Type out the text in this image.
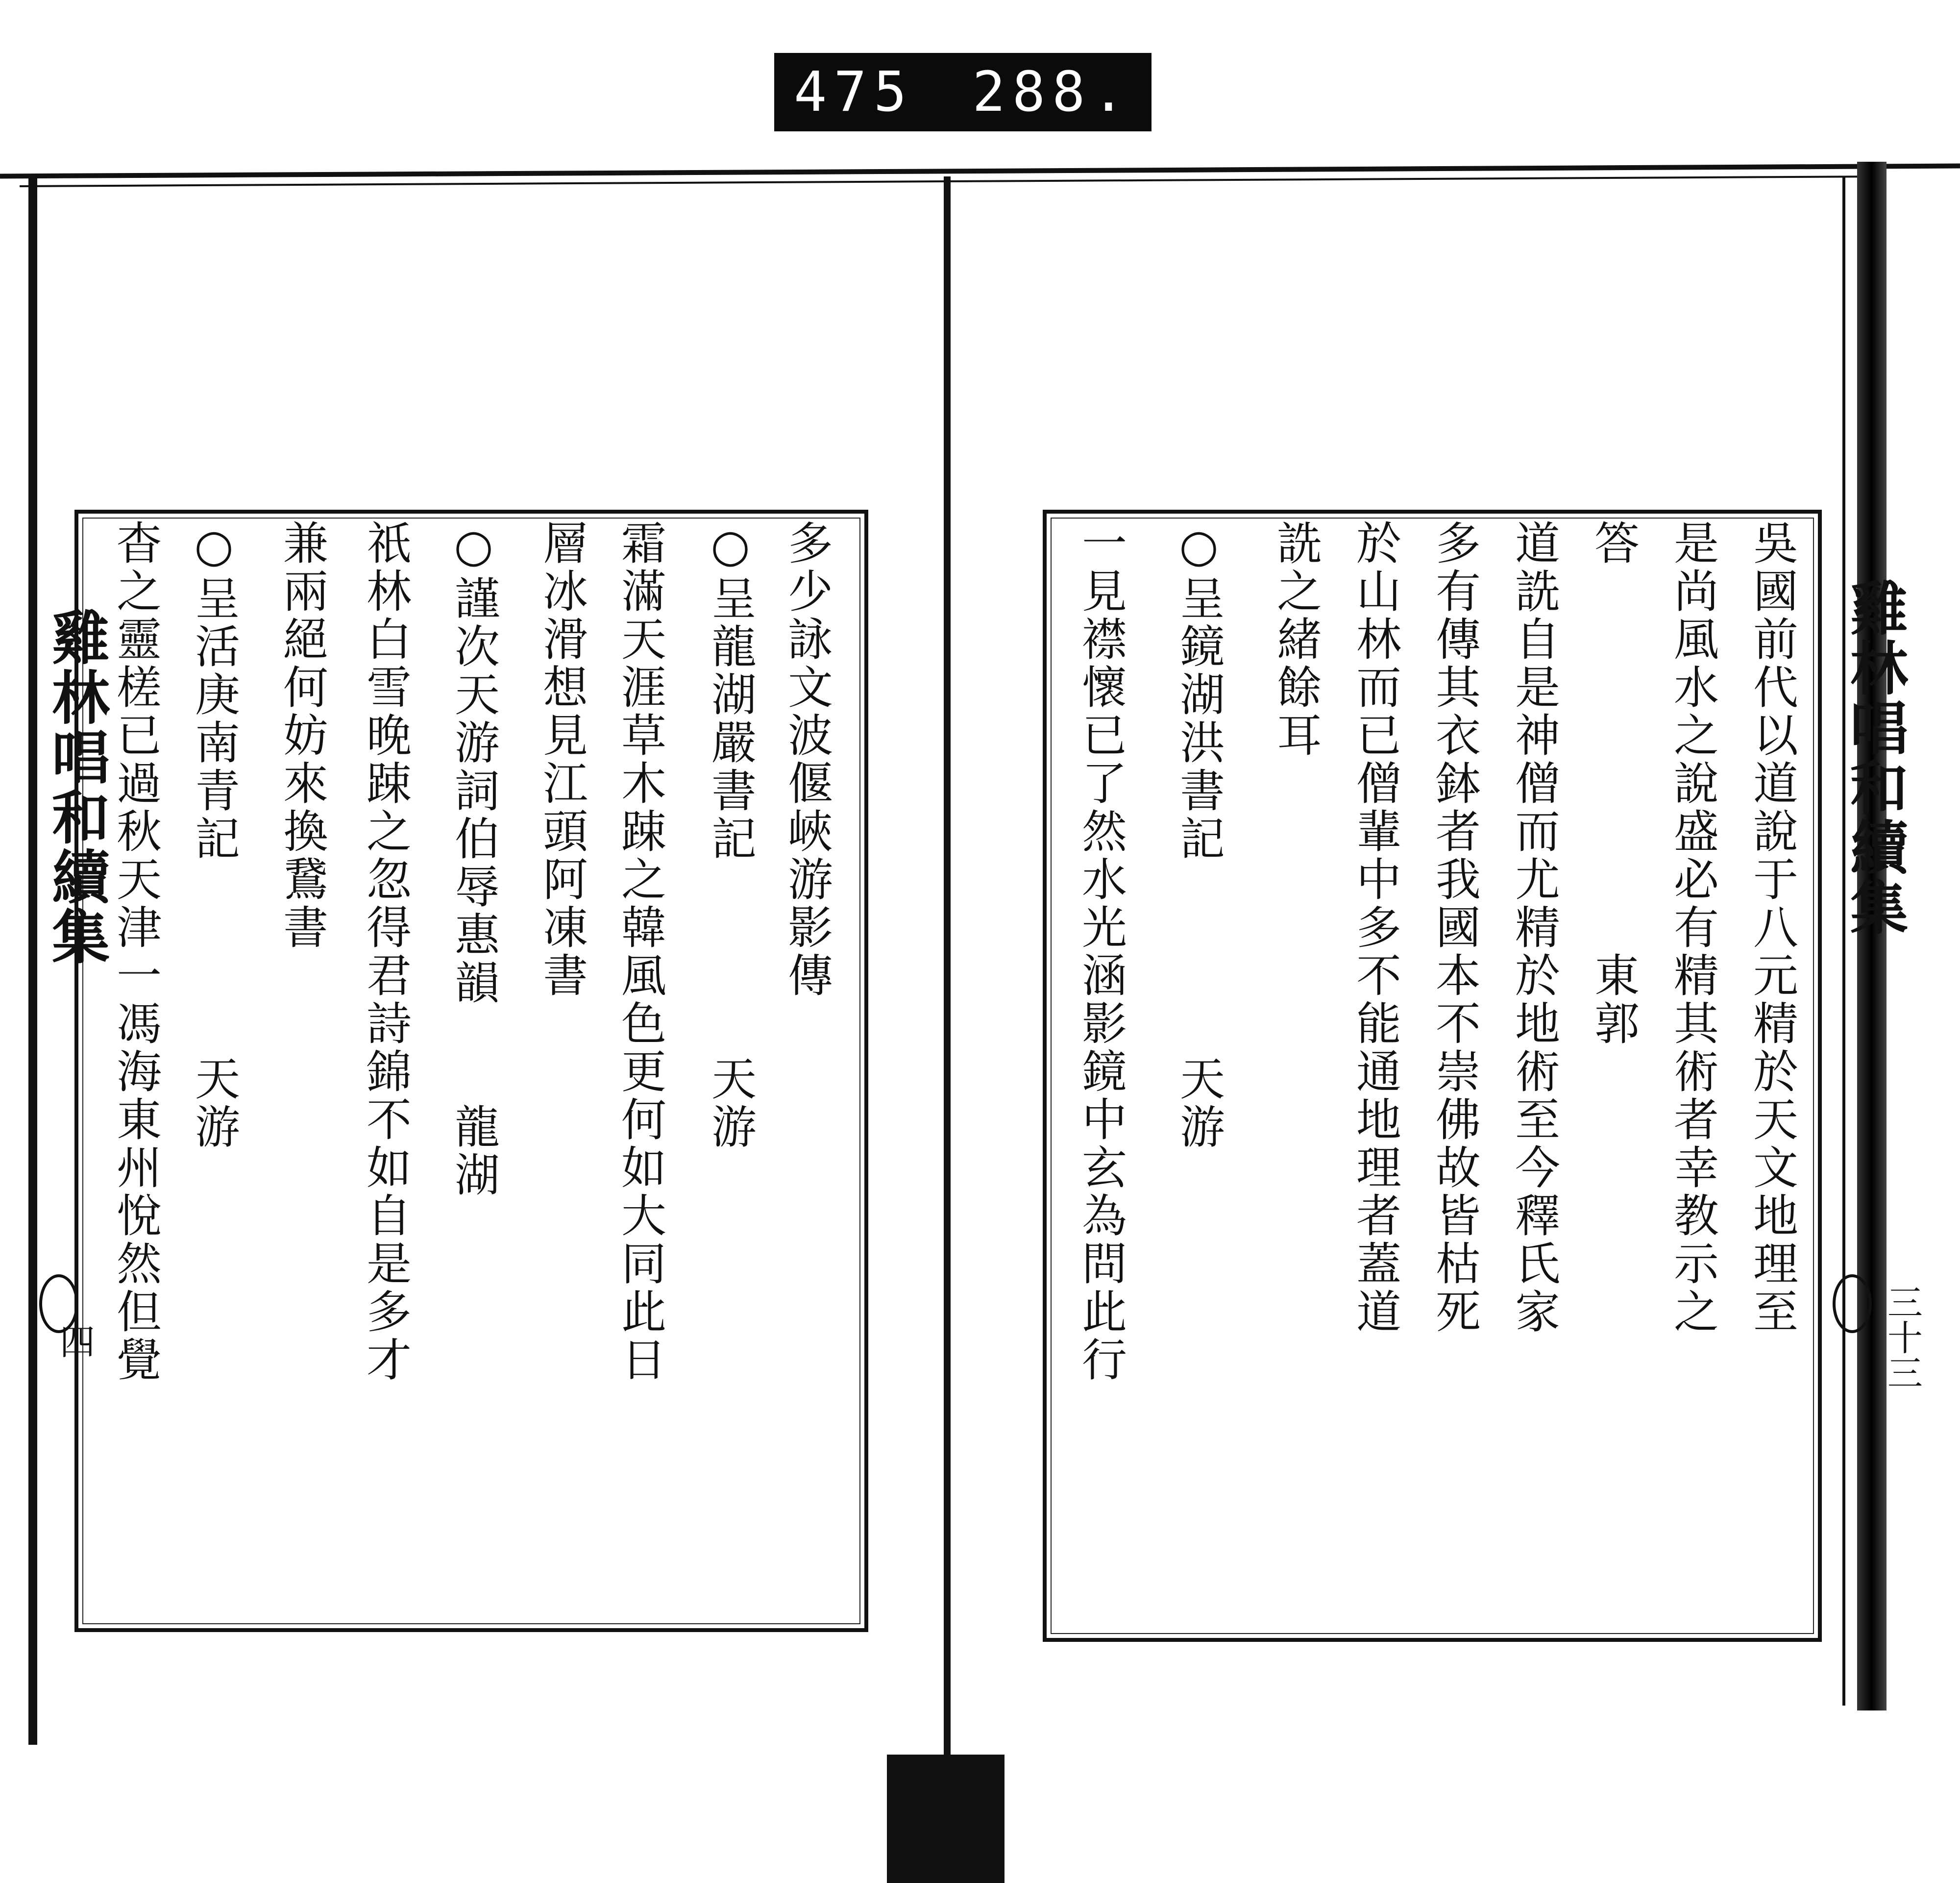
475 288.
雞林唱和續集
三十三
雞林唱和續集
四
吳國前代以道說于八元精於天文地理至
是尚風水之說盛必有精其術者幸教示之
答　　　　　　　　東郭
道詵自是神僧而尤精於地術至今釋氏家
多有傳其衣鉢者我國本不崇佛故皆枯死
於山林而已僧輩中多不能通地理者蓋道
詵之緒餘耳
○呈鏡湖洪書記　　　　天游
一見襟懷已了然水光涵影鏡中玄為問此行
多少詠文波偃峽游影傳
○呈龍湖嚴書記　　　　天游
霜滿天涯草木踈之韓風色更何如大同此日
層冰滑想見江頭阿凍書
○謹次天游詞伯辱惠韻　　龍湖
祇林白雪晚踈之忽得君詩錦不如自是多才
兼兩絕何妨來換鵞書
○呈活庚南青記　　　　天游
杳之靈槎已過秋天津一馮海東州悅然但覺
